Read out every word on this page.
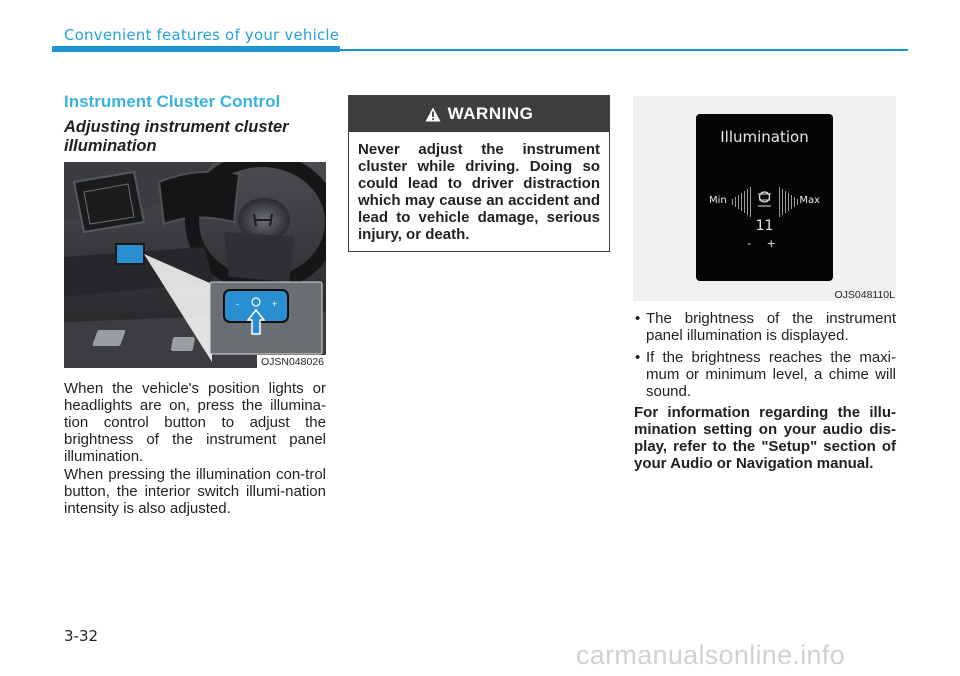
Convenient features of your vehicle
Instrument Cluster Control
Adjusting instrument cluster illumination
-	+
OJSN048026

When the vehicle's position lights or headlights are on, press the illumina-tion control button to adjust the brightness of the instrument panel illumination.

When pressing the illumination con-trol button, the interior switch illumi-nation intensity is also adjusted.

WARNING

Never adjust the instrument cluster while driving. Doing so could lead to driver distraction which may cause an accident and lead to vehicle damage, serious injury, or death.

Illumination
Min	Max
11
- +
OJS048110L
• The brightness of the instrument panel illumination is displayed.
• If the brightness reaches the maxi-mum or minimum level, a chime will sound.

For information regarding the illu-mination setting on your audio dis-play, refer to the "Setup" section of your Audio or Navigation manual.

3-32
carmanualsonline.info
